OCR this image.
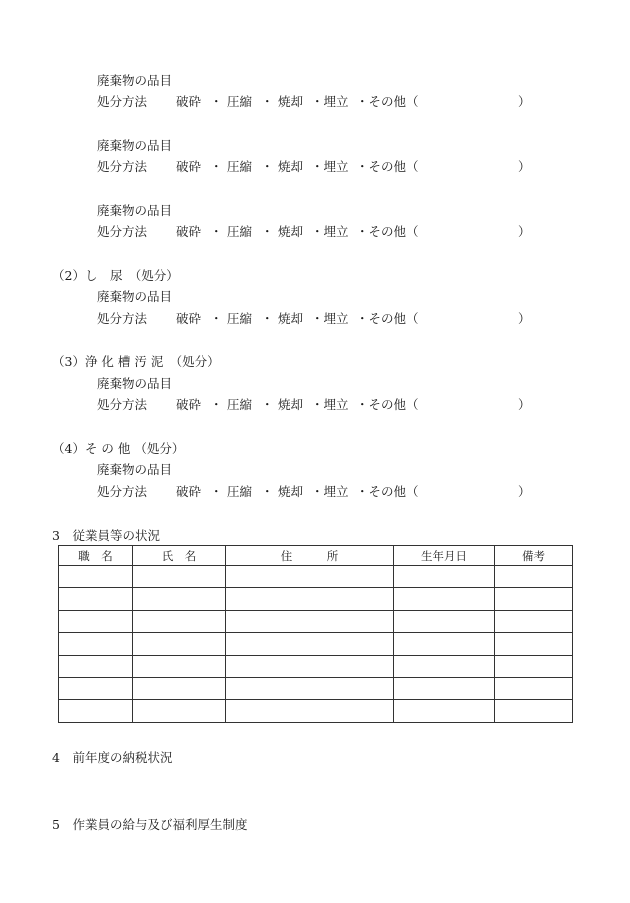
廃棄物の品目
処分方法 破砕 ・ 圧縮 ・ 焼却 ・埋立 ・その他（	）
廃棄物の品目
処分方法 破砕 ・ 圧縮 ・ 焼却 ・埋立 ・その他（	）
廃棄物の品目
処分方法 破砕 ・ 圧縮 ・ 焼却 ・埋立 ・その他（	）
（2）し　尿　（処分）
廃棄物の品目
処分方法 破砕 ・ 圧縮 ・ 焼却 ・埋立 ・その他（	）
（3）浄 化 槽 汚 泥　（処分）
廃棄物の品目
処分方法 破砕 ・ 圧縮 ・ 焼却 ・埋立 ・その他（	）
（4）そ の 他 （処分）
廃棄物の品目
処分方法 破砕 ・ 圧縮 ・ 焼却 ・埋立 ・その他（	）
3　従業員等の状況
職　名	氏　名	住　　　所	生年月日	備考

4　前年度の納税状況
5　作業員の給与及び福利厚生制度
